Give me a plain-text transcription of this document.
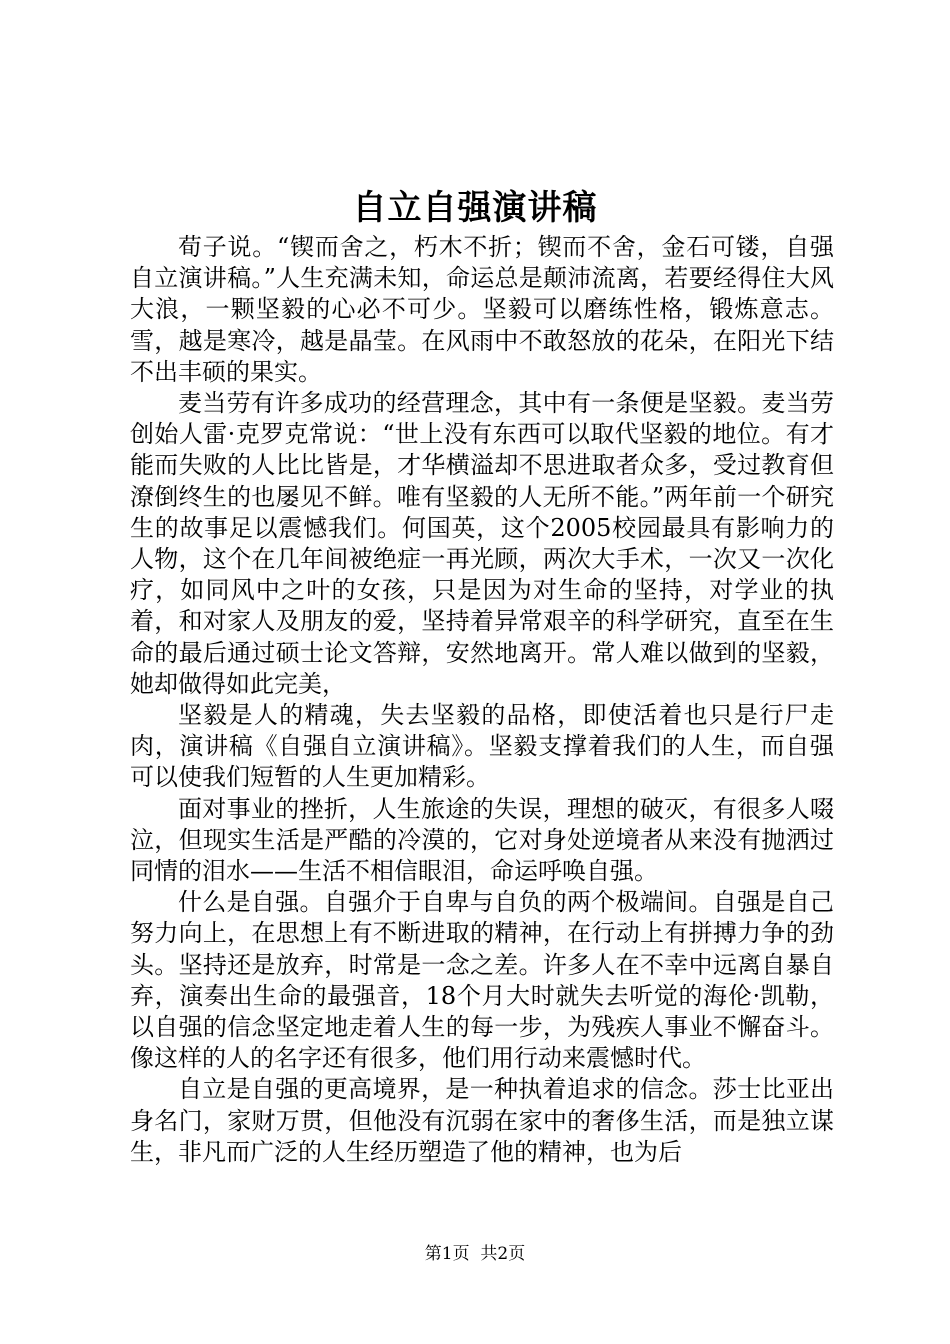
自立自强演讲稿

荀子说。“锲而舍之，朽木不折；锲而不舍，金石可镂，自强自立演讲稿。”人生充满未知，命运总是颠沛流离，若要经得住大风大浪，一颗坚毅的心必不可少。坚毅可以磨练性格，锻炼意志。雪，越是寒冷，越是晶莹。在风雨中不敢怒放的花朵，在阳光下结不出丰硕的果实。

麦当劳有许多成功的经营理念，其中有一条便是坚毅。麦当劳创始人雷·克罗克常说：“世上没有东西可以取代坚毅的地位。有才能而失败的人比比皆是，才华横溢却不思进取者众多，受过教育但潦倒终生的也屡见不鲜。唯有坚毅的人无所不能。”两年前一个研究生的故事足以震憾我们。何国英，这个2005校园最具有影响力的人物，这个在几年间被绝症一再光顾，两次大手术，一次又一次化疗，如同风中之叶的女孩，只是因为对生命的坚持，对学业的执着，和对家人及朋友的爱，坚持着异常艰辛的科学研究，直至在生命的最后通过硕士论文答辩，安然地离开。常人难以做到的坚毅，她却做得如此完美，

坚毅是人的精魂，失去坚毅的品格，即使活着也只是行尸走肉，演讲稿《自强自立演讲稿》。坚毅支撑着我们的人生，而自强可以使我们短暂的人生更加精彩。

面对事业的挫折，人生旅途的失误，理想的破灭，有很多人啜泣，但现实生活是严酷的冷漠的，它对身处逆境者从来没有抛洒过同情的泪水——生活不相信眼泪，命运呼唤自强。

什么是自强。自强介于自卑与自负的两个极端间。自强是自己努力向上，在思想上有不断进取的精神，在行动上有拼搏力争的劲头。坚持还是放弃，时常是一念之差。许多人在不幸中远离自暴自弃，演奏出生命的最强音，18个月大时就失去听觉的海伦·凯勒，以自强的信念坚定地走着人生的每一步，为残疾人事业不懈奋斗。像这样的人的名字还有很多，他们用行动来震憾时代。

自立是自强的更高境界，是一种执着追求的信念。莎士比亚出身名门，家财万贯，但他没有沉弱在家中的奢侈生活，而是独立谋生，非凡而广泛的人生经历塑造了他的精神，也为后

第1页  共2页
